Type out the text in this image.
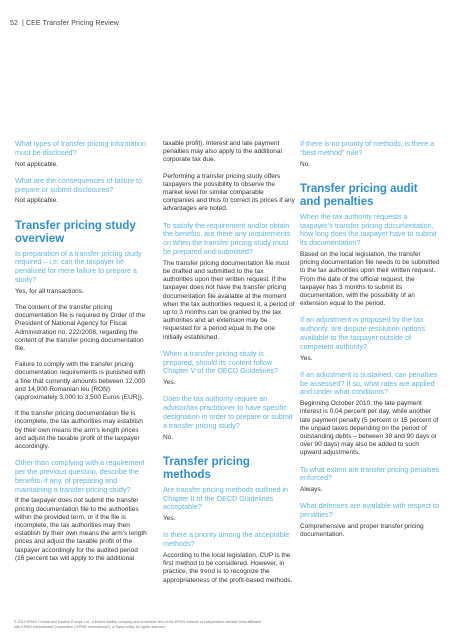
52 | CEE Transfer Pricing Review

What types of transfer pricing information must be disclosed?

Not applicable.

What are the consequences of failure to prepare or submit disclosures?

Not applicable.

Transfer pricing study overview

Is preparation of a transfer pricing study required – i.e. can the taxpayer be penalized for mere failure to prepare a study?

Yes, for all transactions.

The content of the transfer pricing documentation file is required by Order of the President of National Agency for Fiscal Administration no. 222/2008, regarding the content of the transfer pricing documentation file.

Failure to comply with the transfer pricing documentation requirements is punished with a fine that currently amounts between 12,000 and 14,000 Romanian leu (RON) (approximately 3,000 to 3,500 Euros (EUR)).

If the transfer pricing documentation file is incomplete, the tax authorities may establish by their own means the arm’s length prices and adjust the taxable profit of the taxpayer accordingly.

Other than complying with a requirement per the previous question, describe the benefits, if any, of preparing and maintaining a transfer pricing study?

If the taxpayer does not submit the transfer pricing documentation file to the authorities within the provided term, or if the file is incomplete, the tax authorities may then establish by their own means the arm’s length prices and adjust the taxable profit of the taxpayer accordingly for the audited period (16 percent tax will apply to the additional

taxable profit). Interest and late payment penalties may also apply to the additional corporate tax due.

Performing a transfer pricing study offers taxpayers the possibility to observe the market level for similar comparable companies and thus to correct its prices if any advantages are noted.

To satisfy the requirement and/or obtain the benefits, are there any requirements on when the transfer pricing study must be prepared and submitted?

The transfer pricing documentation file must be drafted and submitted to the tax authorities upon their written request. If the taxpayer does not have the transfer pricing documentation file available at the moment when the tax authorities request it, a period of up to 3 months can be granted by the tax authorities and an extension may be requested for a period equal to the one initially established.

When a transfer pricing study is prepared, should its content follow Chapter V of the OECD Guidelines?

Yes.

Does the tax authority require an advisor/tax practitioner to have specific designation in order to prepare or submit a transfer pricing study?

No.

Transfer pricing methods

Are transfer pricing methods outlined in Chapter II of the OECD Guidelines acceptable?

Yes.

Is there a priority among the acceptable methods?

According to the local legislation, CUP is the first method to be considered. However, in practice, the trend is to recognize the appropriateness of the profit-based methods.

If there is no priority of methods, is there a “best method” rule?

No.

Transfer pricing audit and penalties

When the tax authority requests a taxpayer’s transfer pricing documentation, how long does the taxpayer have to submit its documentation?

Based on the local legislation, the transfer pricing documentation file needs to be submitted to the tax authorities upon their written request. From the date of the official request, the taxpayer has 3 months to submit its documentation, with the possibility of an extension equal to the period.

If an adjustment is proposed by the tax authority, are dispute resolution options available to the taxpayer outside of competent authority?

Yes.

If an adjustment is sustained, can penalties be assessed? If so, what rates are applied and under what conditions?

Beginning October 2010, the late payment interest is 0.04 percent per day, while another late payment penalty (5 percent or 15 percent of the unpaid taxes depending on the period of outstanding debts – between 30 and 90 days or over 90 days) may also be added to such upward adjustments.

To what extent are transfer pricing penalties enforced?

Always.

What defenses are available with respect to penalties?

Comprehensive and proper transfer pricing documentation.

© 2013 KPMG Central and Eastern Europe Ltd., a limited liability company and a member firm of the KPMG network of independent member firms affiliated
with KPMG International Cooperative (“KPMG International”), a Swiss entity. All rights reserved.
